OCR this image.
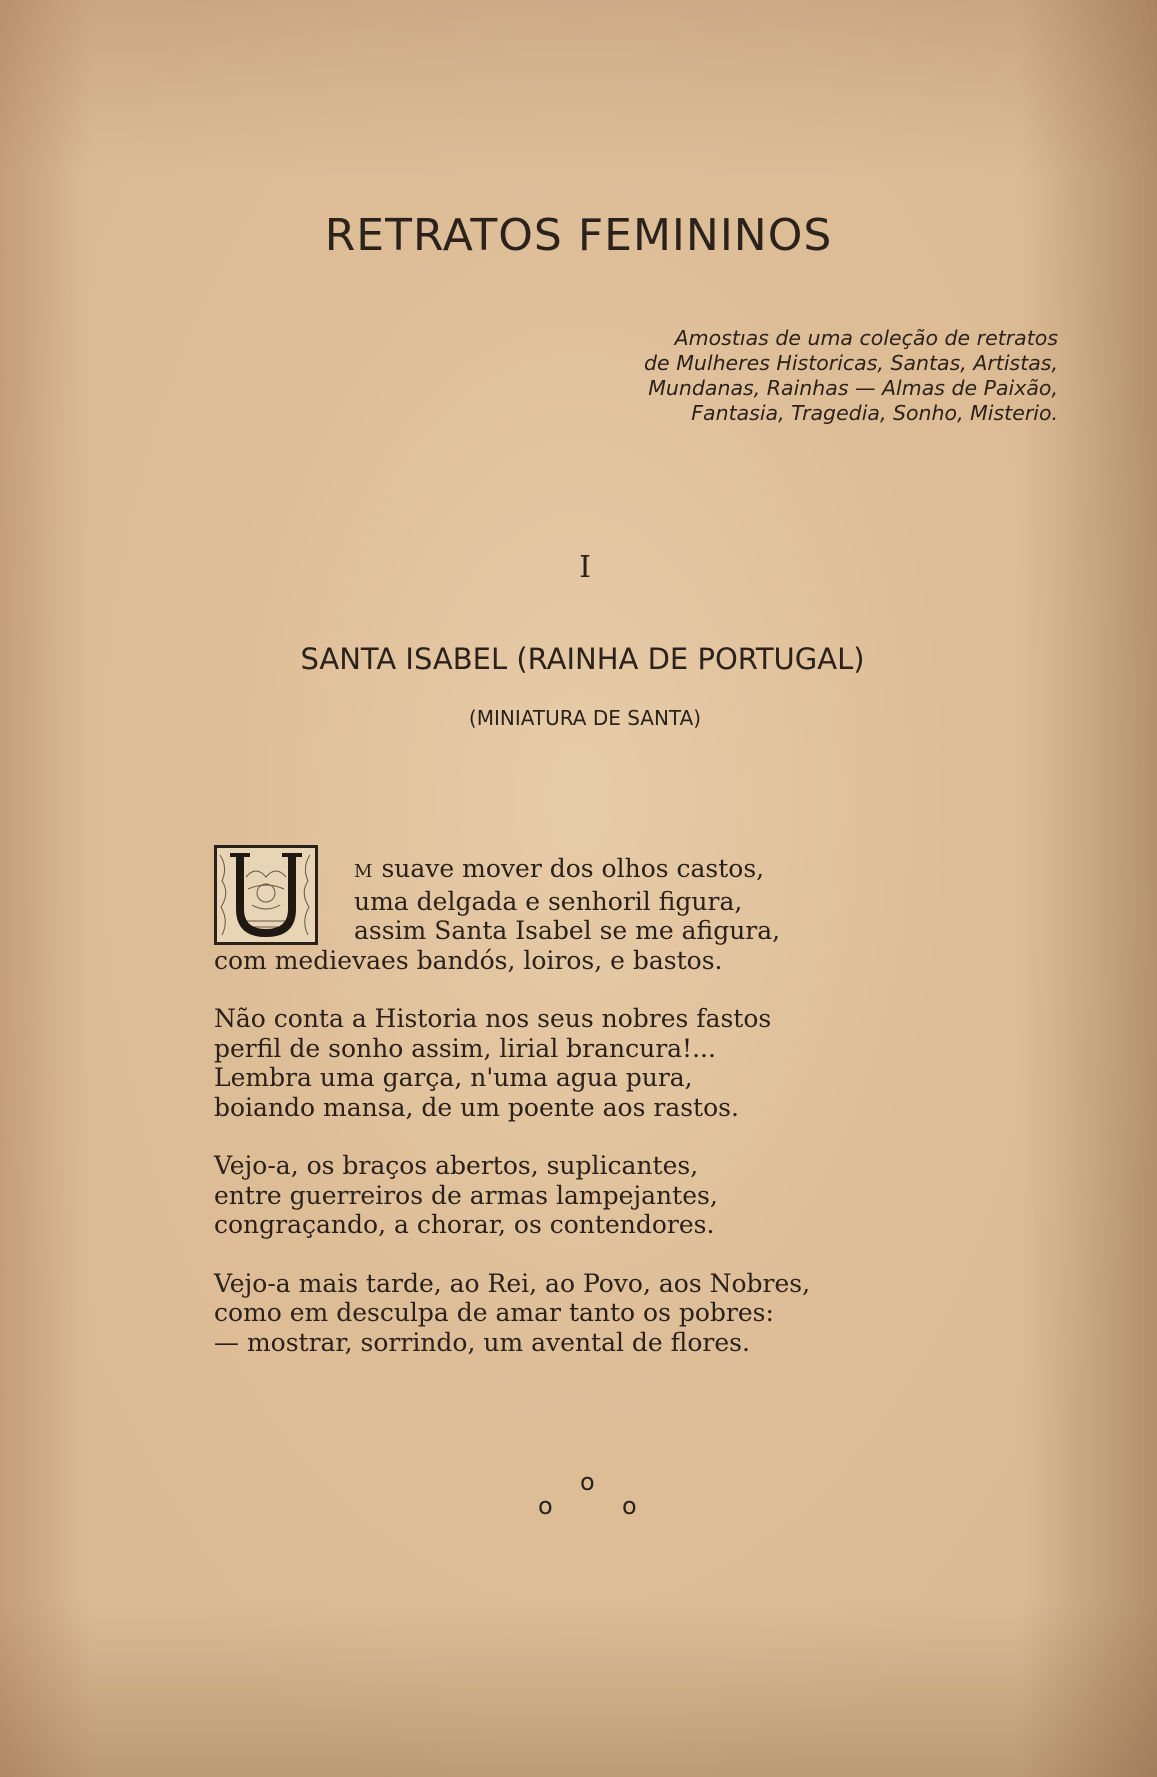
RETRATOS FEMININOS
Amostıas de uma coleção de retratos
de Mulheres Historicas, Santas, Artistas,
Mundanas, Rainhas — Almas de Paixão,
Fantasia, Tragedia, Sonho, Misterio.
I
SANTA ISABEL (RAINHA DE PORTUGAL)
(MINIATURA DE SANTA)
M suave mover dos olhos castos,
uma delgada e senhoril figura,
assim Santa Isabel se me afigura,
com medievaes bandós, loiros, e bastos.
Não conta a Historia nos seus nobres fastos
perfil de sonho assim, lirial brancura!...
Lembra uma garça, n'uma agua pura,
boiando mansa, de um poente aos rastos.
Vejo-a, os braços abertos, suplicantes,
entre guerreiros de armas lampejantes,
congraçando, a chorar, os contendores.
Vejo-a mais tarde, ao Rei, ao Povo, aos Nobres,
como em desculpa de amar tanto os pobres:
— mostrar, sorrindo, um avental de flores.
o
o
o
